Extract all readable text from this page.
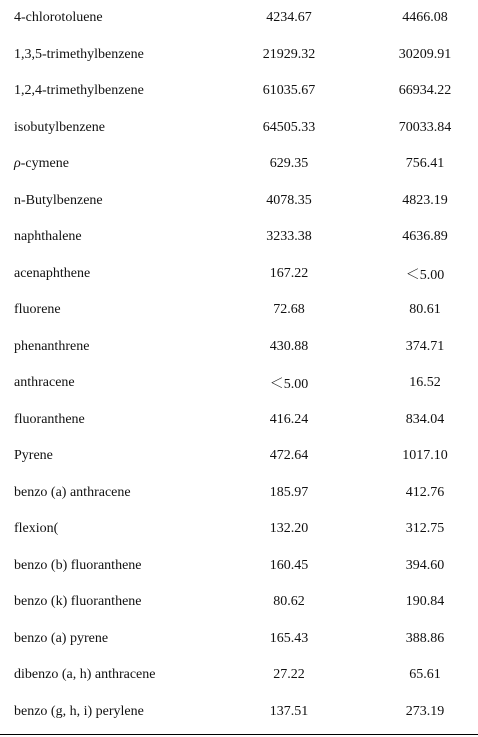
4-chlorotoluene	4234.67	4466.08
1,3,5-trimethylbenzene	21929.32	30209.91
1,2,4-trimethylbenzene	61035.67	66934.22
isobutylbenzene	64505.33	70033.84
ρ-cymene	629.35	756.41
n-Butylbenzene	4078.35	4823.19
naphthalene	3233.38	4636.89
acenaphthene	167.22	＜5.00
fluorene	72.68	80.61
phenanthrene	430.88	374.71
anthracene	＜5.00	16.52
fluoranthene	416.24	834.04
Pyrene	472.64	1017.10
benzo (a) anthracene	185.97	412.76
flexion(	132.20	312.75
benzo (b) fluoranthene	160.45	394.60
benzo (k) fluoranthene	80.62	190.84
benzo (a) pyrene	165.43	388.86
dibenzo (a, h) anthracene	27.22	65.61
benzo (g, h, i) perylene	137.51	273.19
